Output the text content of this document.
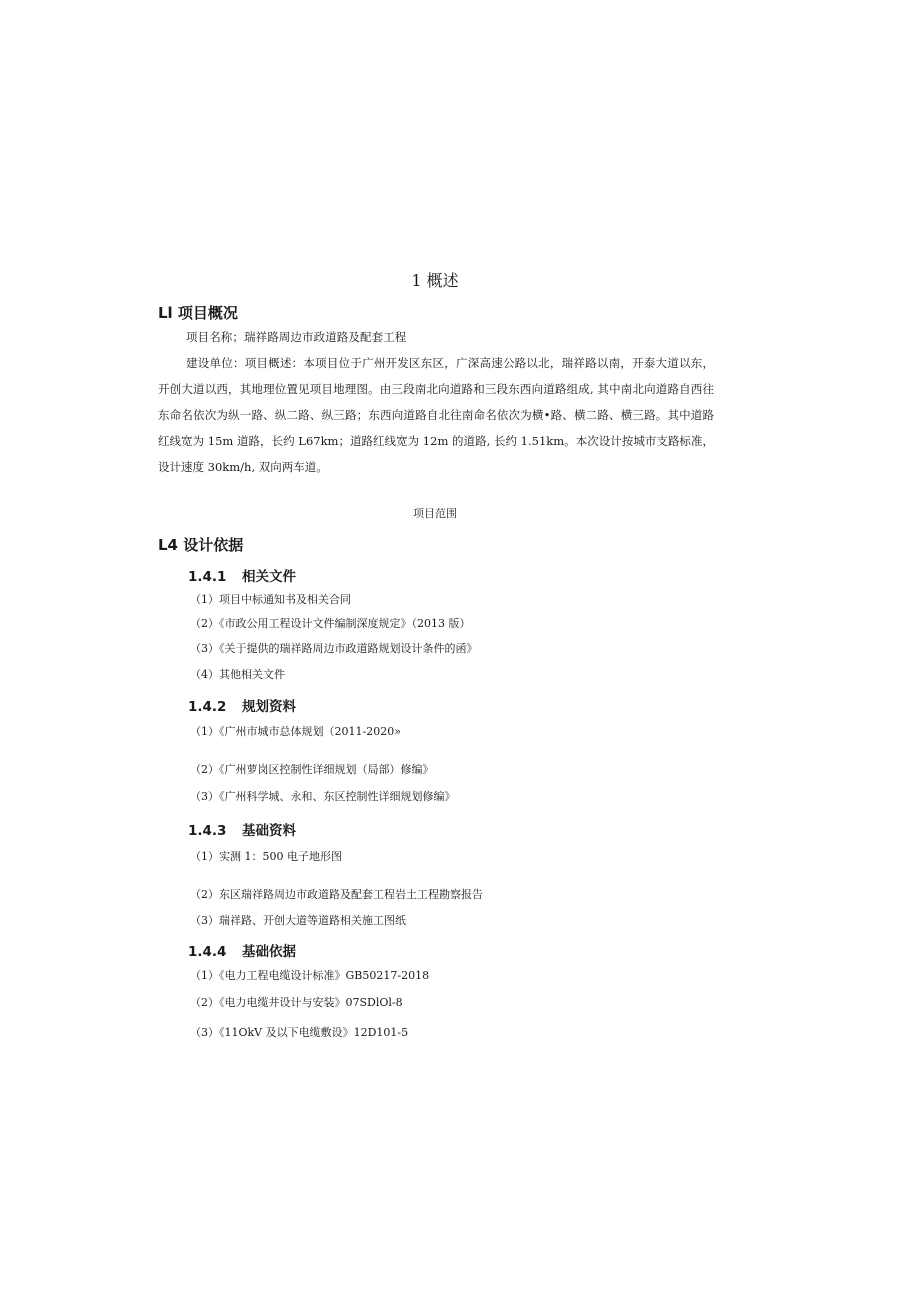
1 概述
Ll 项目概况
项目名称；瑞祥路周边市政道路及配套工程
建设单位：项目概述：本项目位于广州开发区东区，广深高速公路以北，瑞祥路以南，开泰大道以东，开创大道以西，其地理位置见项目地理图。由三段南北向道路和三段东西向道路组成, 其中南北向道路自西往东命名依次为纵一路、纵二路、纵三路；东西向道路自北往南命名依次为横•路、横二路、横三路。其中道路红线宽为 15m 道路，长约 L67km；道路红线宽为 12m 的道路, 长约 1.51km。本次设计按城市支路标准，设计速度 30km/h, 双向两车道。
项目范围
L4 设计依据
1.4.1 相关文件
（1）项目中标通知书及相关合同
（2）《市政公用工程设计文件编制深度规定》（2013 版）
（3）《关于提供的瑞祥路周边市政道路规划设计条件的函》
（4）其他相关文件
1.4.2 规划资料
（1）《广州市城市总体规划（2011-2020»
（2）《广州萝岗区控制性详细规划（局部）修编》
（3）《广州科学城、永和、东区控制性详细规划修编》
1.4.3 基础资料
（1）实测 1：500 电子地形图
（2）东区瑞祥路周边市政道路及配套工程岩土工程勘察报告
（3）瑞祥路、开创大道等道路相关施工图纸
1.4.4 基础依据
（1）《电力工程电缆设计标准》GB50217-2018
（2）《电力电缆井设计与安装》07SDlOl-8
（3）《11OkV 及以下电缆敷设》12D101-5
